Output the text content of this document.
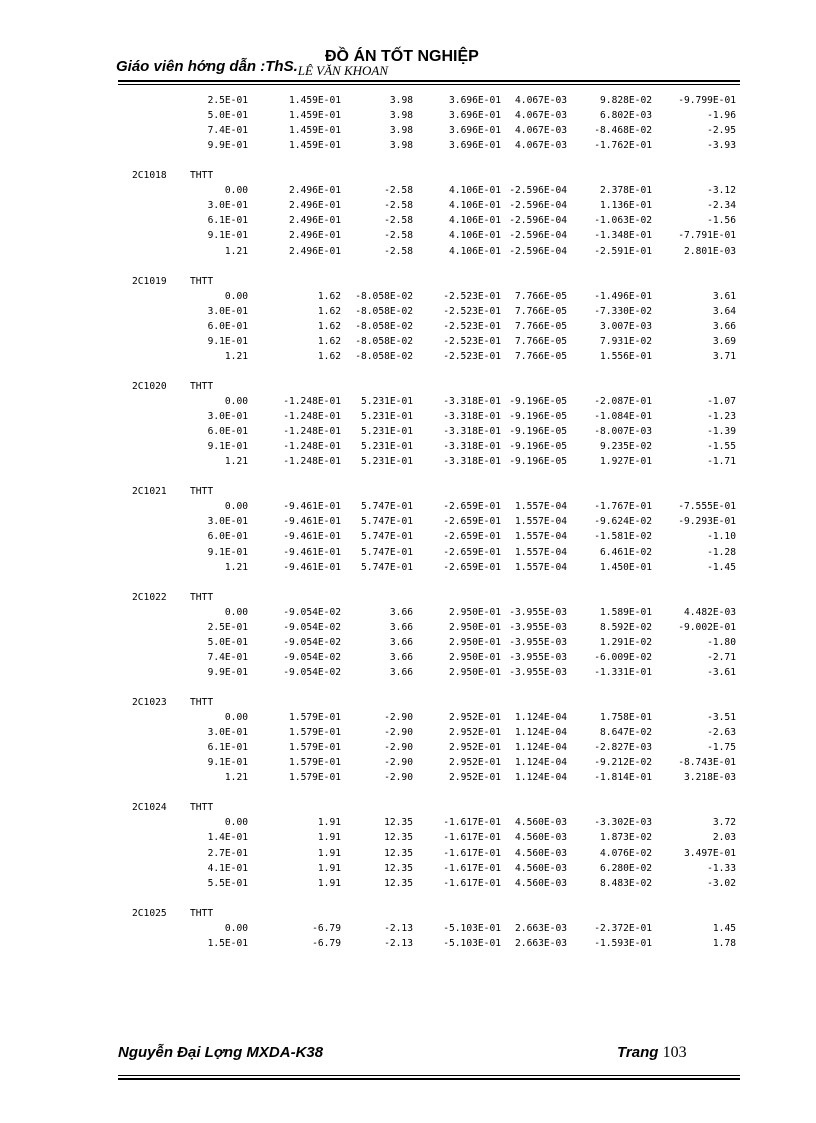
Giáo viên hớng dẫn :ThS.LÊ VĂN KHOAN
ĐỒ ÁN TỐT NGHIỆP
2.5E-01	1.459E-01	3.98	3.696E-01	4.067E-03	9.828E-02	-9.799E-01
5.0E-01	1.459E-01	3.98	3.696E-01	4.067E-03	6.802E-03	-1.96
7.4E-01	1.459E-01	3.98	3.696E-01	4.067E-03	-8.468E-02	-2.95
9.9E-01	1.459E-01	3.98	3.696E-01	4.067E-03	-1.762E-01	-3.93
2C1018 THTT
0.00	2.496E-01	-2.58	4.106E-01 -2.596E-04	2.378E-01	-3.12
3.0E-01	2.496E-01	-2.58	4.106E-01 -2.596E-04	1.136E-01	-2.34
6.1E-01	2.496E-01	-2.58	4.106E-01 -2.596E-04	-1.063E-02	-1.56
9.1E-01	2.496E-01	-2.58	4.106E-01 -2.596E-04	-1.348E-01	-7.791E-01
1.21	2.496E-01	-2.58	4.106E-01 -2.596E-04	-2.591E-01	2.801E-03
2C1019 THTT
0.00	1.62	-8.058E-02	-2.523E-01	7.766E-05	-1.496E-01	3.61
3.0E-01	1.62	-8.058E-02	-2.523E-01	7.766E-05	-7.330E-02	3.64
6.0E-01	1.62	-8.058E-02	-2.523E-01	7.766E-05	3.007E-03	3.66
9.1E-01	1.62	-8.058E-02	-2.523E-01	7.766E-05	7.931E-02	3.69
1.21	1.62	-8.058E-02	-2.523E-01	7.766E-05	1.556E-01	3.71
2C1020 THTT
0.00	-1.248E-01	5.231E-01	-3.318E-01 -9.196E-05	-2.087E-01	-1.07
3.0E-01	-1.248E-01	5.231E-01	-3.318E-01 -9.196E-05	-1.084E-01	-1.23
6.0E-01	-1.248E-01	5.231E-01	-3.318E-01 -9.196E-05	-8.007E-03	-1.39
9.1E-01	-1.248E-01	5.231E-01	-3.318E-01 -9.196E-05	9.235E-02	-1.55
1.21	-1.248E-01	5.231E-01	-3.318E-01 -9.196E-05	1.927E-01	-1.71
2C1021 THTT
0.00	-9.461E-01	5.747E-01	-2.659E-01	1.557E-04	-1.767E-01	-7.555E-01
3.0E-01	-9.461E-01	5.747E-01	-2.659E-01	1.557E-04	-9.624E-02	-9.293E-01
6.0E-01	-9.461E-01	5.747E-01	-2.659E-01	1.557E-04	-1.581E-02	-1.10
9.1E-01	-9.461E-01	5.747E-01	-2.659E-01	1.557E-04	6.461E-02	-1.28
1.21	-9.461E-01	5.747E-01	-2.659E-01	1.557E-04	1.450E-01	-1.45
2C1022 THTT
0.00	-9.054E-02	3.66	2.950E-01 -3.955E-03	1.589E-01	4.482E-03
2.5E-01	-9.054E-02	3.66	2.950E-01 -3.955E-03	8.592E-02	-9.002E-01
5.0E-01	-9.054E-02	3.66	2.950E-01 -3.955E-03	1.291E-02	-1.80
7.4E-01	-9.054E-02	3.66	2.950E-01 -3.955E-03	-6.009E-02	-2.71
9.9E-01	-9.054E-02	3.66	2.950E-01 -3.955E-03	-1.331E-01	-3.61
2C1023 THTT
0.00	1.579E-01	-2.90	2.952E-01	1.124E-04	1.758E-01	-3.51
3.0E-01	1.579E-01	-2.90	2.952E-01	1.124E-04	8.647E-02	-2.63
6.1E-01	1.579E-01	-2.90	2.952E-01	1.124E-04	-2.827E-03	-1.75
9.1E-01	1.579E-01	-2.90	2.952E-01	1.124E-04	-9.212E-02	-8.743E-01
1.21	1.579E-01	-2.90	2.952E-01	1.124E-04	-1.814E-01	3.218E-03
2C1024 THTT
0.00	1.91	12.35	-1.617E-01	4.560E-03	-3.302E-03	3.72
1.4E-01	1.91	12.35	-1.617E-01	4.560E-03	1.873E-02	2.03
2.7E-01	1.91	12.35	-1.617E-01	4.560E-03	4.076E-02	3.497E-01
4.1E-01	1.91	12.35	-1.617E-01	4.560E-03	6.280E-02	-1.33
5.5E-01	1.91	12.35	-1.617E-01	4.560E-03	8.483E-02	-3.02
2C1025 THTT
0.00	-6.79	-2.13	-5.103E-01	2.663E-03	-2.372E-01	1.45
1.5E-01	-6.79	-2.13	-5.103E-01	2.663E-03	-1.593E-01	1.78
Nguyễn Đại Lợng MXDA-K38	Trang 103
